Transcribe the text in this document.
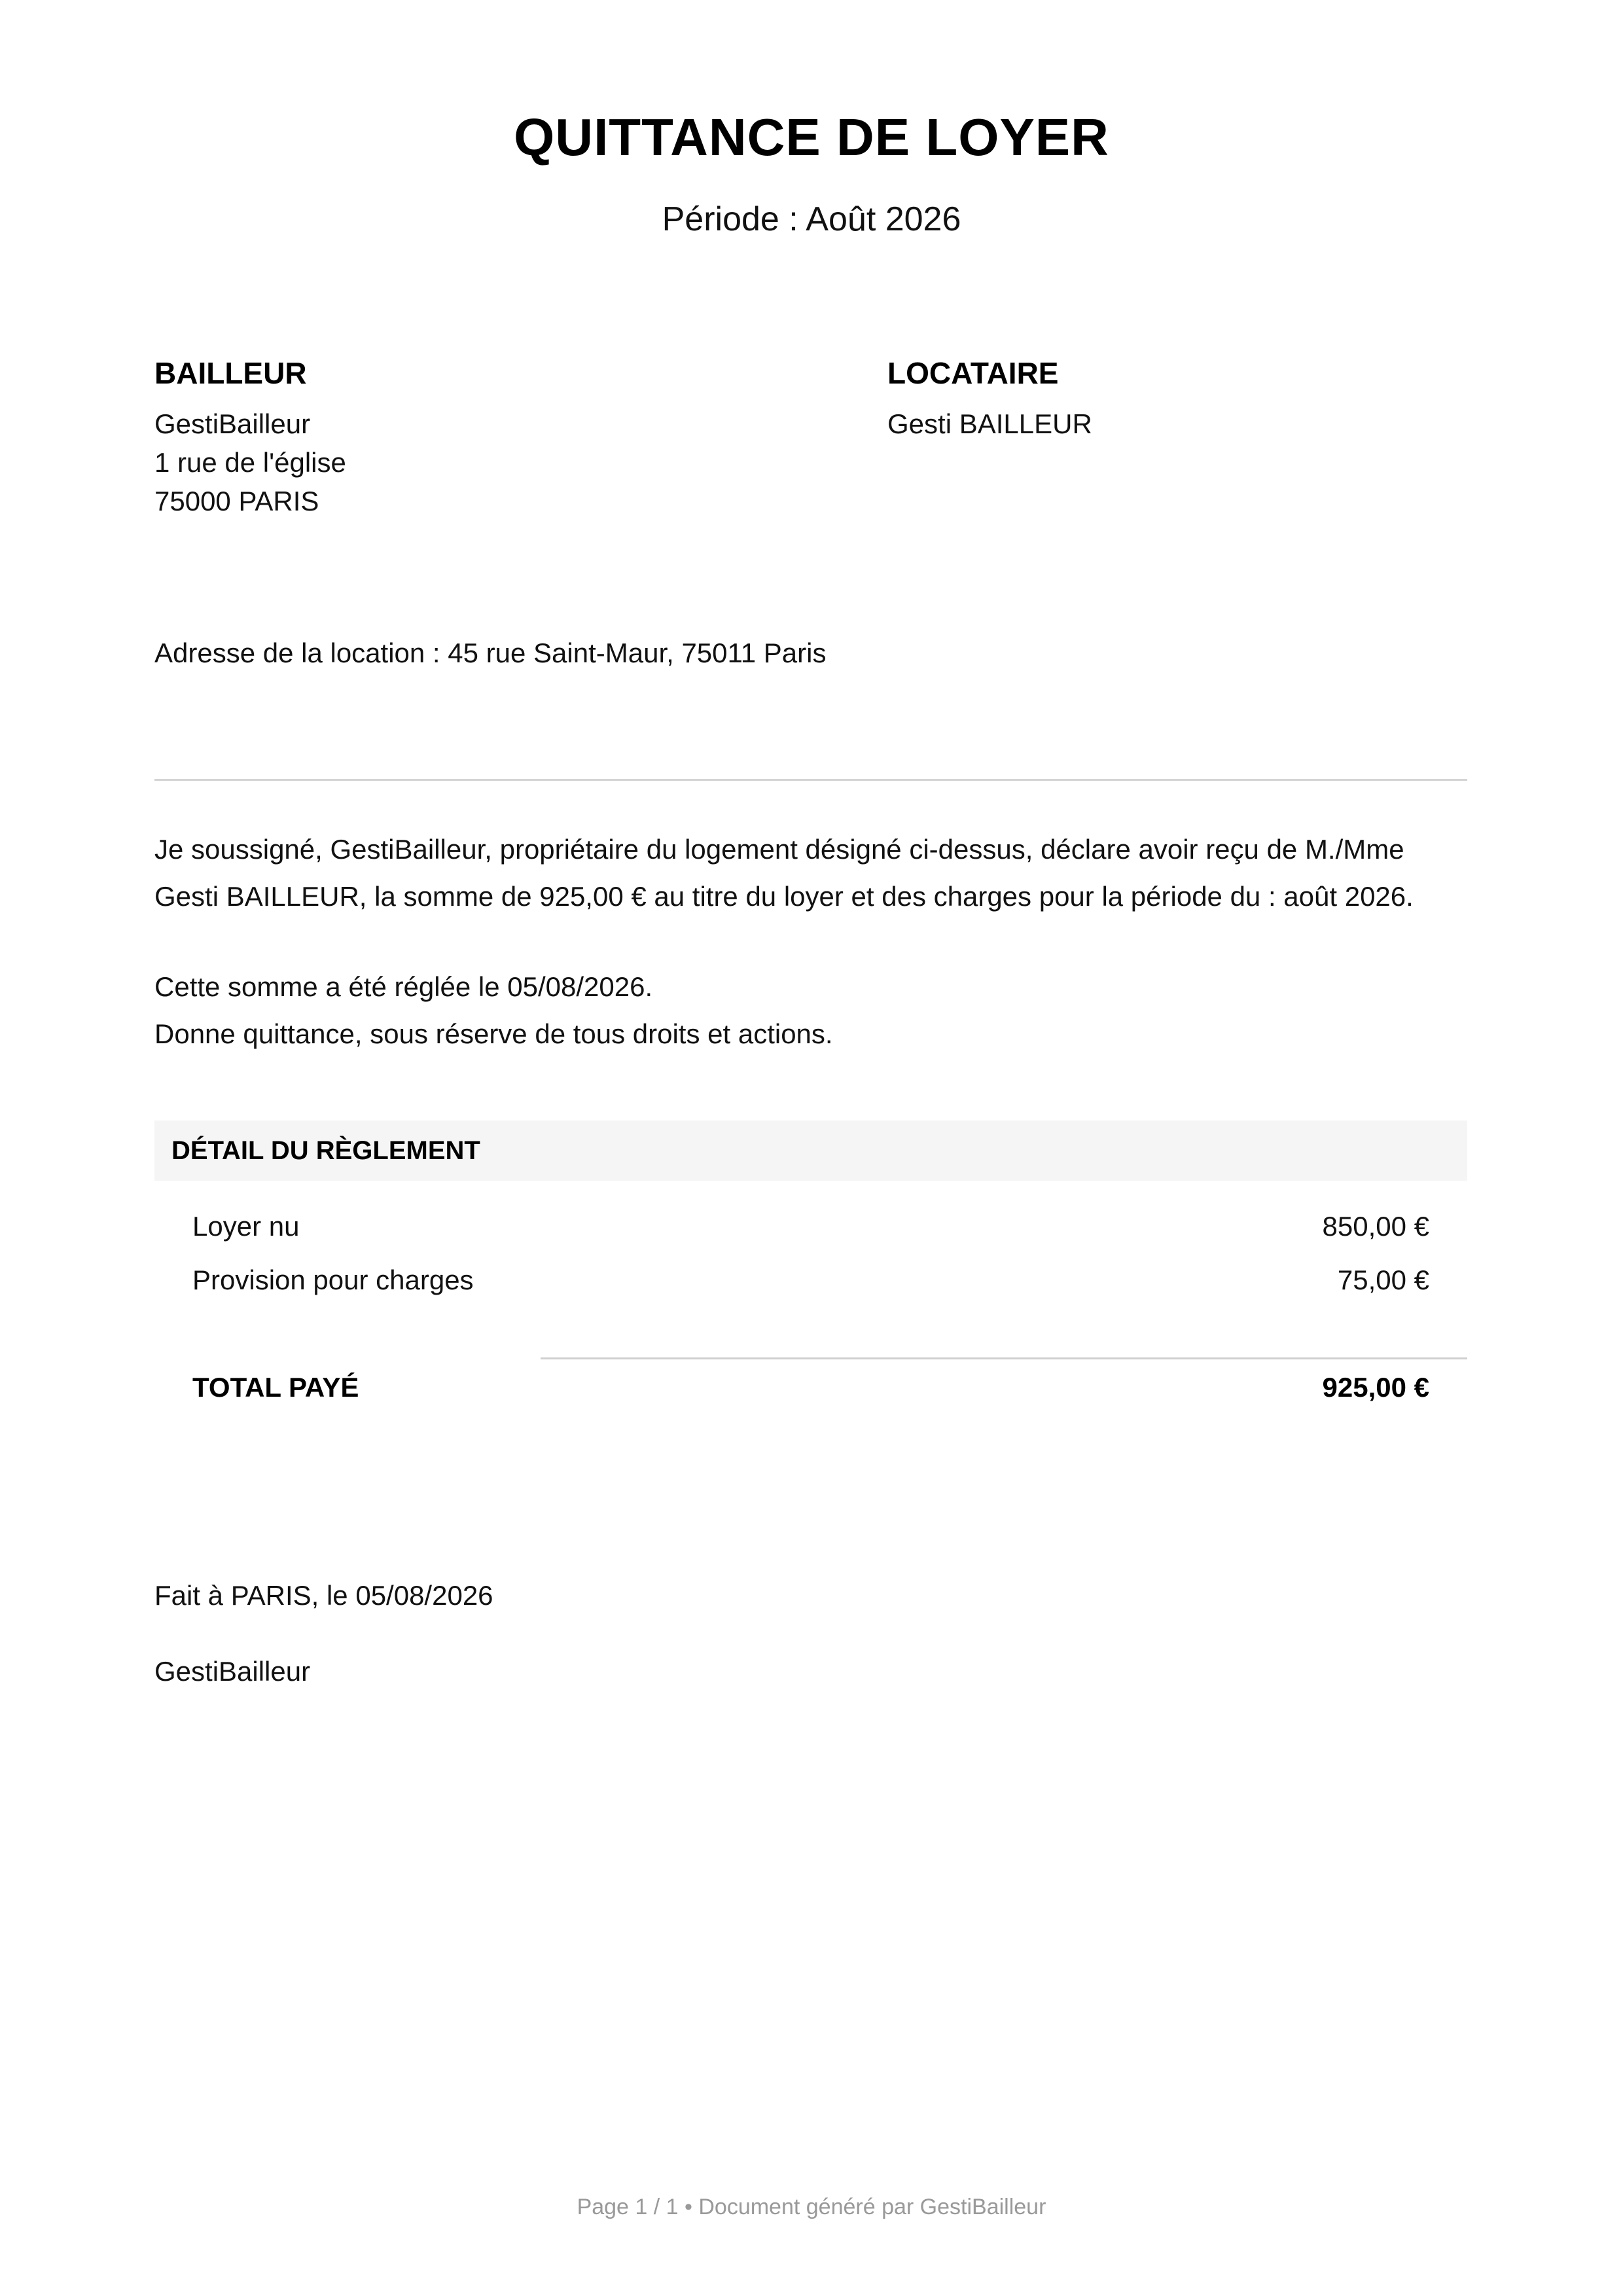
QUITTANCE DE LOYER
Période : Août 2026
BAILLEUR
GestiBailleur
1 rue de l'église
75000 PARIS
LOCATAIRE
Gesti BAILLEUR
Adresse de la location : 45 rue Saint-Maur, 75011 Paris
Je soussigné, GestiBailleur, propriétaire du logement désigné ci-dessus, déclare avoir reçu de M./Mme Gesti BAILLEUR, la somme de 925,00 € au titre du loyer et des charges pour la période du : août 2026.
Cette somme a été réglée le 05/08/2026.
Donne quittance, sous réserve de tous droits et actions.
DÉTAIL DU RÈGLEMENT
Loyer nu	850,00 €
Provision pour charges	75,00 €
TOTAL PAYÉ	925,00 €
Fait à PARIS, le 05/08/2026
GestiBailleur
Page 1 / 1 • Document généré par GestiBailleur
